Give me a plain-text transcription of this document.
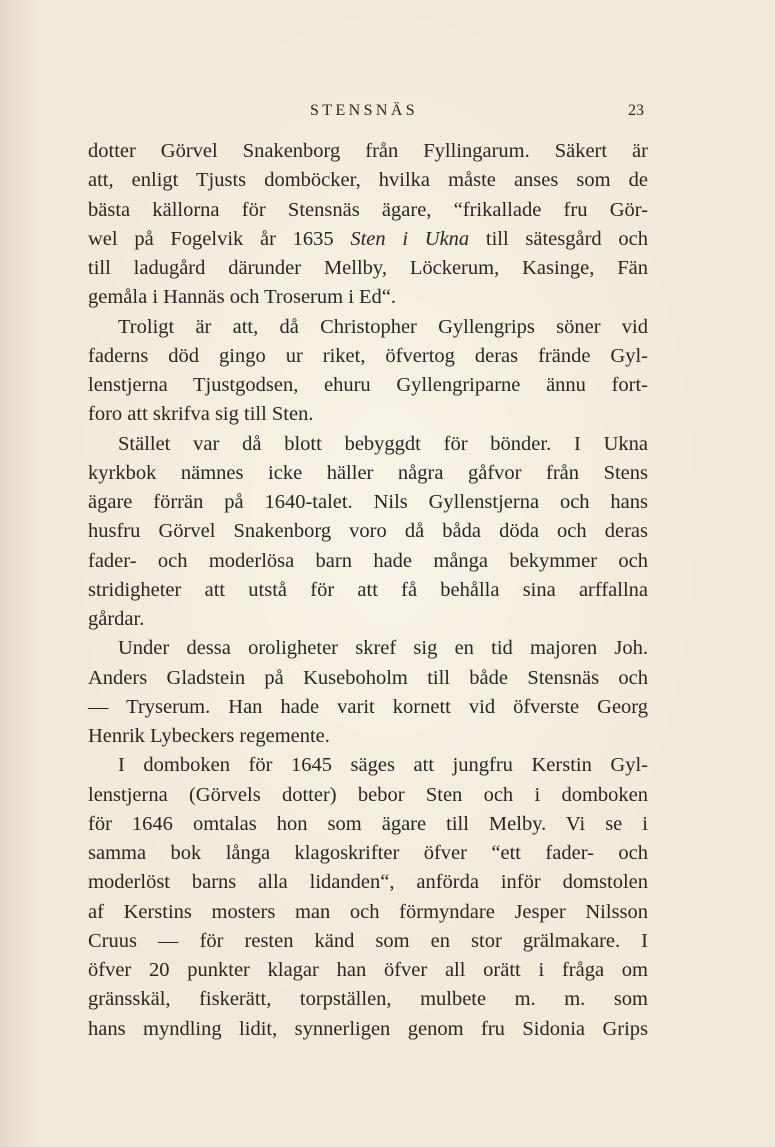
STENSNÄS	23
dotter Görvel Snakenborg från Fyllingarum. Säkert är
att, enligt Tjusts domböcker, hvilka måste anses som de
bästa källorna för Stensnäs ägare, “frikallade fru Gör-
wel på Fogelvik år 1635 Sten i Ukna till sätesgård och
till ladugård därunder Mellby, Löckerum, Kasinge, Fän
gemåla i Hannäs och Troserum i Ed“.
Troligt är att, då Christopher Gyllengrips söner vid
faderns död gingo ur riket, öfvertog deras frände Gyl-
lenstjerna Tjustgodsen, ehuru Gyllengriparne ännu fort-
foro att skrifva sig till Sten.
Stället var då blott bebyggdt för bönder. I Ukna
kyrkbok nämnes icke häller några gåfvor från Stens
ägare förrän på 1640-talet. Nils Gyllenstjerna och hans
husfru Görvel Snakenborg voro då båda döda och deras
fader- och moderlösa barn hade många bekymmer och
stridigheter att utstå för att få behålla sina arffallna
gårdar.
Under dessa oroligheter skref sig en tid majoren Joh.
Anders Gladstein på Kuseboholm till både Stensnäs och
— Tryserum. Han hade varit kornett vid öfverste Georg
Henrik Lybeckers regemente.
I domboken för 1645 säges att jungfru Kerstin Gyl-
lenstjerna (Görvels dotter) bebor Sten och i domboken
för 1646 omtalas hon som ägare till Melby. Vi se i
samma bok långa klagoskrifter öfver “ett fader- och
moderlöst barns alla lidanden“, anförda inför domstolen
af Kerstins mosters man och förmyndare Jesper Nilsson
Cruus — för resten känd som en stor grälmakare. I
öfver 20 punkter klagar han öfver all orätt i fråga om
gränsskäl, fiskerätt, torpställen, mulbete m. m. som
hans myndling lidit, synnerligen genom fru Sidonia Grips
